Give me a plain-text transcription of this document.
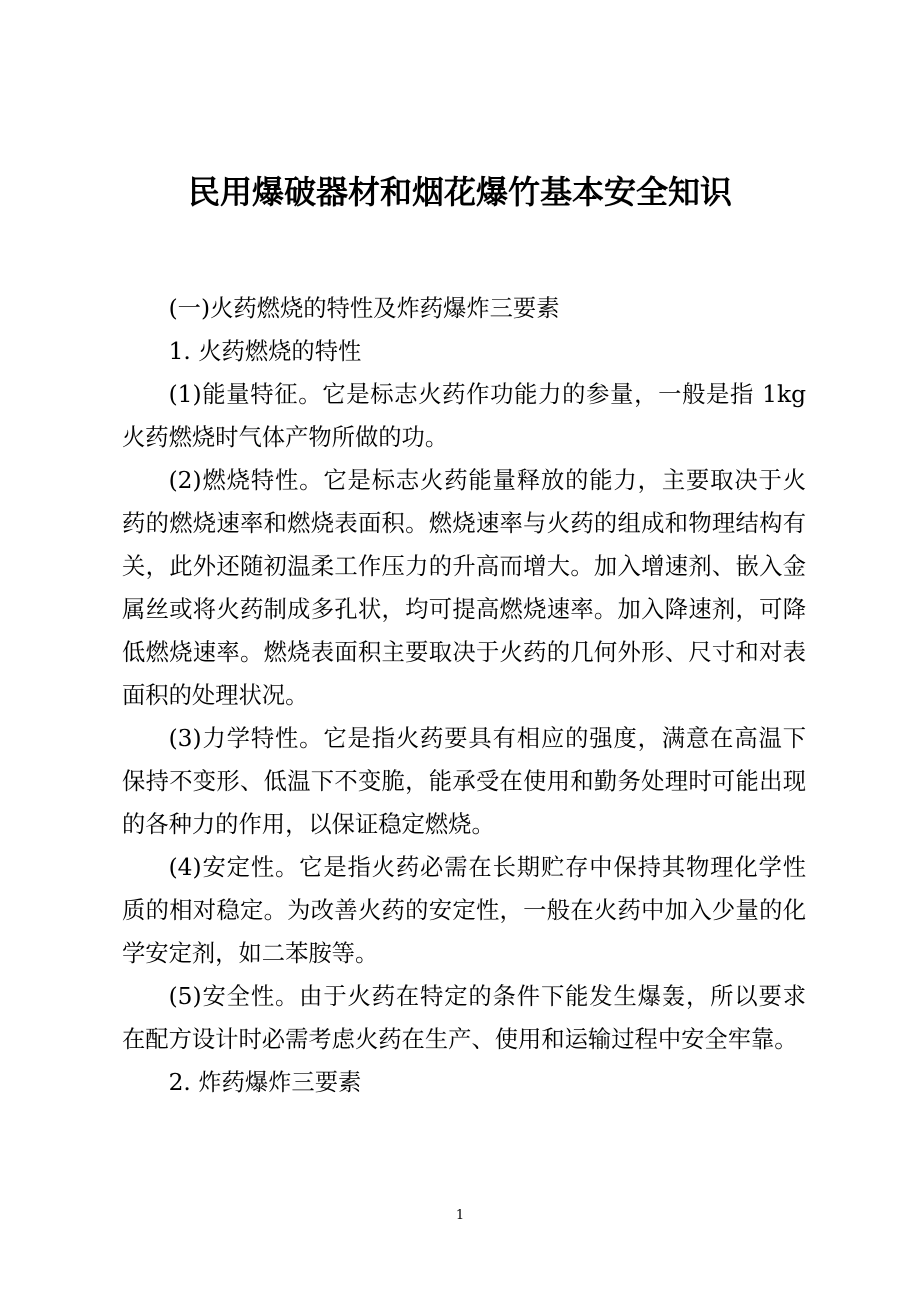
民用爆破器材和烟花爆竹基本安全知识

(一)火药燃烧的特性及炸药爆炸三要素

1. 火药燃烧的特性

(1)能量特征。它是标志火药作功能力的参量，一般是指 1kg 火药燃烧时气体产物所做的功。

(2)燃烧特性。它是标志火药能量释放的能力，主要取决于火药的燃烧速率和燃烧表面积。燃烧速率与火药的组成和物理结构有关，此外还随初温柔工作压力的升高而增大。加入增速剂、嵌入金属丝或将火药制成多孔状，均可提高燃烧速率。加入降速剂，可降低燃烧速率。燃烧表面积主要取决于火药的几何外形、尺寸和对表面积的处理状况。

(3)力学特性。它是指火药要具有相应的强度，满意在高温下保持不变形、低温下不变脆，能承受在使用和勤务处理时可能出现的各种力的作用，以保证稳定燃烧。

(4)安定性。它是指火药必需在长期贮存中保持其物理化学性质的相对稳定。为改善火药的安定性，一般在火药中加入少量的化学安定剂，如二苯胺等。

(5)安全性。由于火药在特定的条件下能发生爆轰，所以要求在配方设计时必需考虑火药在生产、使用和运输过程中安全牢靠。

2. 炸药爆炸三要素

1
